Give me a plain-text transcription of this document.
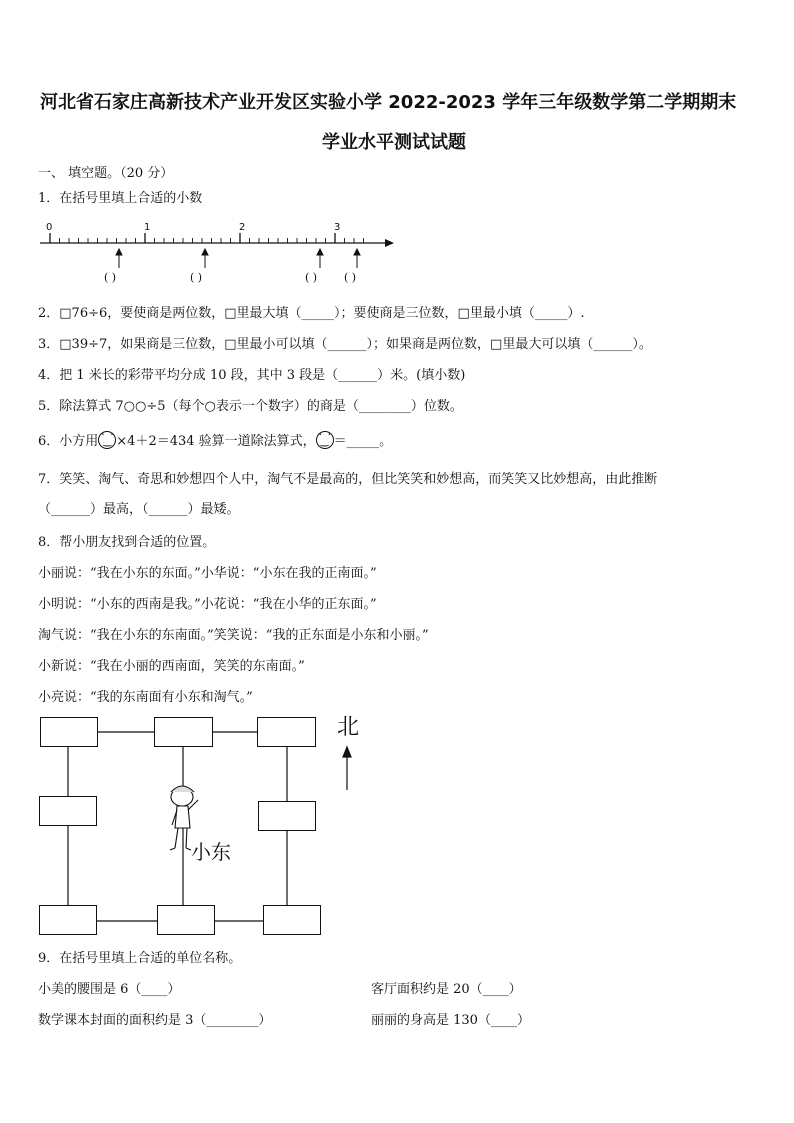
河北省石家庄高新技术产业开发区实验小学 2022-2023 学年三年级数学第二学期期末
学业水平测试试题
一、 填空题。（20 分）
1．在括号里填上合适的小数
0	1	2	3
( )	( )	( ) ( )
2．□76÷6，要使商是两位数，□里最大填（_____）；要使商是三位数，□里最小填（_____）.
3．□39÷7，如果商是三位数，□里最小可以填（______）；如果商是两位数，□里最大可以填（______）。
4．把 1 米长的彩带平均分成 10 段，其中 3 段是（______）米。(填小数)
5．除法算式 7○○÷5（每个○表示一个数字）的商是（________）位数。
6．小方用 · · ‿ ×4＋2＝434 验算一道除法算式， · · ‿ ＝_____。
7．笑笑、淘气、奇思和妙想四个人中，淘气不是最高的，但比笑笑和妙想高，而笑笑又比妙想高，由此推断
（______）最高，（______）最矮。
8．帮小朋友找到合适的位置。
小丽说：“我在小东的东面。”小华说：“小东在我的正南面。”
小明说：“小东的西南是我。”小花说：“我在小华的正东面。”
淘气说：“我在小东的东南面。”笑笑说：“我的正东面是小东和小丽。”
小新说：“我在小丽的西南面，笑笑的东南面。”
小亮说：“我的东南面有小东和淘气。”
北
小东
9．在括号里填上合适的单位名称。
小美的腰围是 6（____）	客厅面积约是 20（____）
数学课本封面的面积约是 3（________）	丽丽的身高是 130（____）
